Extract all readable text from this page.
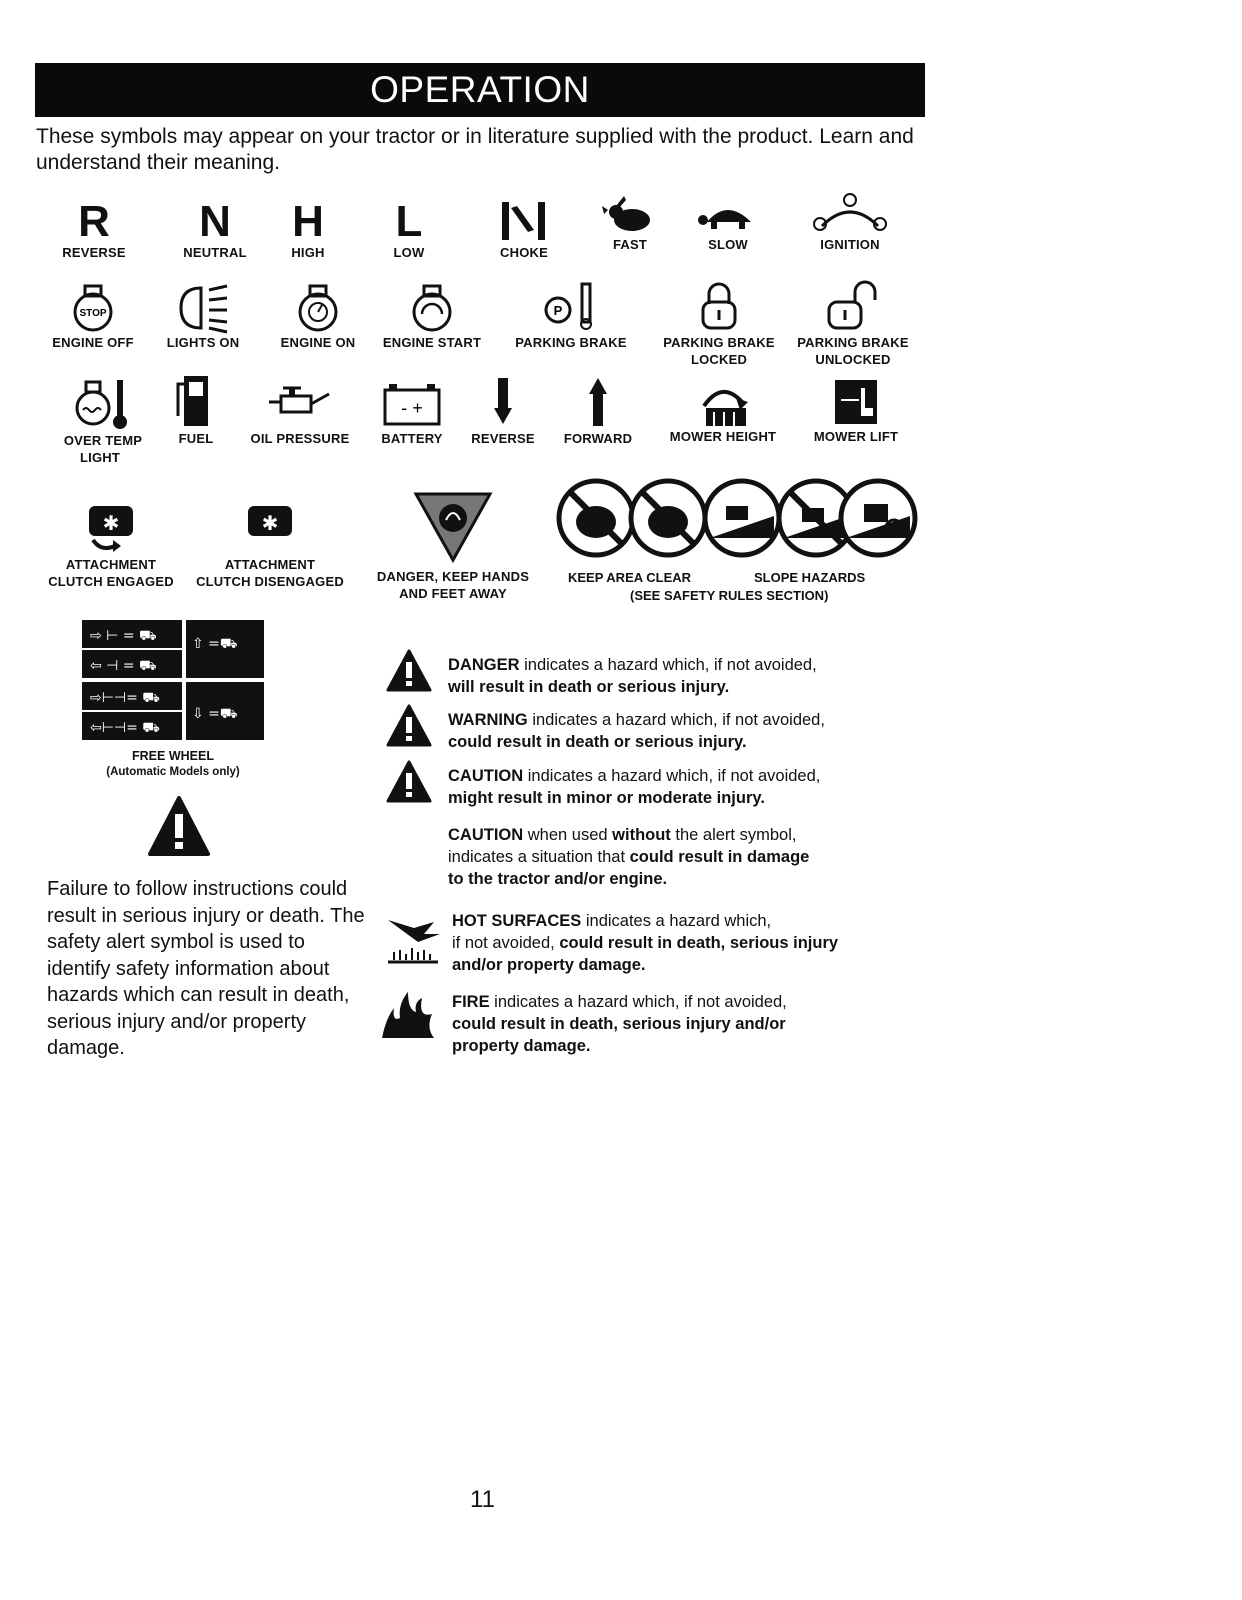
OPERATION
These symbols may appear on your tractor or in literature supplied with the product. Learn and understand their meaning.
R
REVERSE
N
NEUTRAL
H
HIGH
L
LOW	CHOKE
FAST	SLOW	IGNITION
STOP
ENGINE OFF	LIGHTS ON	ENGINE ON	ENGINE START
P
PARKING BRAKE	PARKING BRAKE
LOCKED
PARKING BRAKE
UNLOCKED
OVER TEMP
LIGHT
FUEL	OIL PRESSURE
- +
BATTERY	REVERSE	FORWARD	MOWER HEIGHT	MOWER LIFT
✱
ATTACHMENT
CLUTCH ENGAGED
✱
ATTACHMENT
CLUTCH DISENGAGED	DANGER, KEEP HANDS
AND FEET AWAY
KEEP AREA CLEAR	SLOPE HAZARDS
(SEE SAFETY RULES SECTION)
⇨ ⊢ = ⛟
⇦ ⊣ = ⛟
⇨⊢⊣= ⛟
⇦⊢⊣= ⛟
⇧ =⛟
⇩ =⛟
FREE WHEEL
(Automatic Models only)
Failure to follow instructions could result in serious injury or death. The safety alert symbol is used to identify safety information about hazards which can result in death, serious injury and/or property damage.
DANGER indicates a hazard which, if not avoided,
will result in death or serious injury.
WARNING indicates a hazard which, if not avoided,
could result in death or serious injury.
CAUTION indicates a hazard which, if not avoided,
might result in minor or moderate injury.
CAUTION when used without the alert symbol,
indicates a situation that could result in damage
to the tractor and/or engine.
HOT SURFACES indicates a hazard which,
if not avoided, could result in death, serious injury
and/or property damage.
FIRE indicates a hazard which, if not avoided,
could result in death, serious injury and/or
property damage.
11
